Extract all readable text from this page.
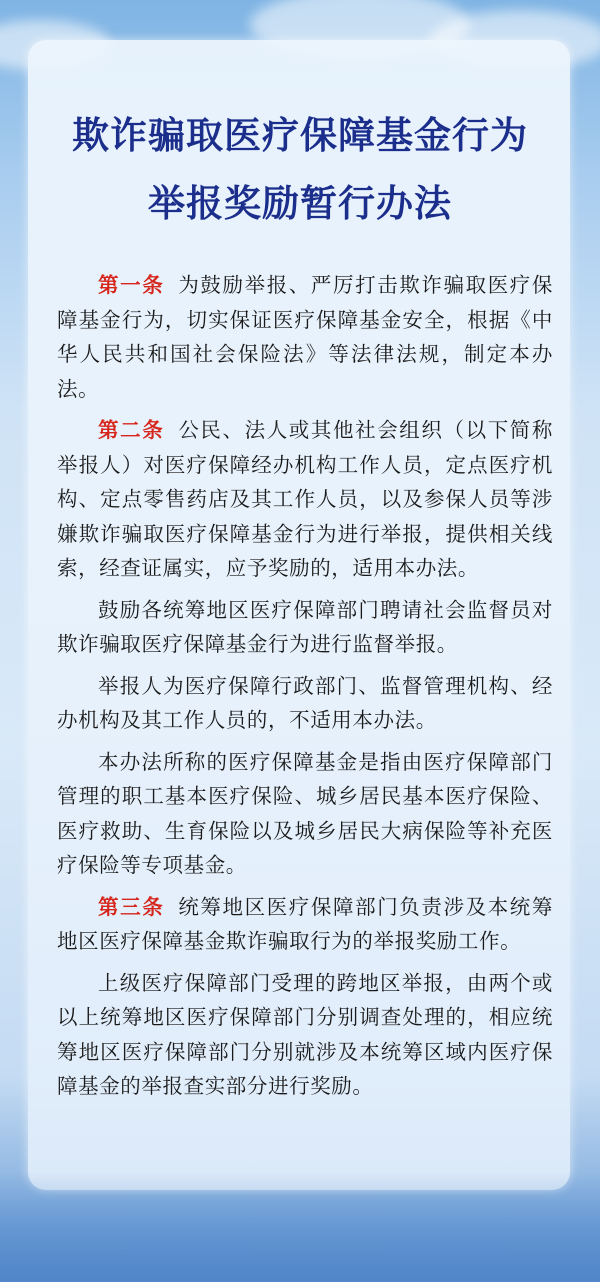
欺诈骗取医疗保障基金行为
举报奖励暂行办法

第一条 为鼓励举报、严厉打击欺诈骗取医疗保障基金行为，切实保证医疗保障基金安全，根据《中华人民共和国社会保险法》等法律法规，制定本办法。

第二条 公民、法人或其他社会组织（以下简称举报人）对医疗保障经办机构工作人员，定点医疗机构、定点零售药店及其工作人员，以及参保人员等涉嫌欺诈骗取医疗保障基金行为进行举报，提供相关线索，经查证属实，应予奖励的，适用本办法。

鼓励各统筹地区医疗保障部门聘请社会监督员对欺诈骗取医疗保障基金行为进行监督举报。

举报人为医疗保障行政部门、监督管理机构、经办机构及其工作人员的，不适用本办法。

本办法所称的医疗保障基金是指由医疗保障部门管理的职工基本医疗保险、城乡居民基本医疗保险、医疗救助、生育保险以及城乡居民大病保险等补充医疗保险等专项基金。

第三条 统筹地区医疗保障部门负责涉及本统筹地区医疗保障基金欺诈骗取行为的举报奖励工作。

上级医疗保障部门受理的跨地区举报，由两个或以上统筹地区医疗保障部门分别调查处理的，相应统筹地区医疗保障部门分别就涉及本统筹区域内医疗保障基金的举报查实部分进行奖励。
